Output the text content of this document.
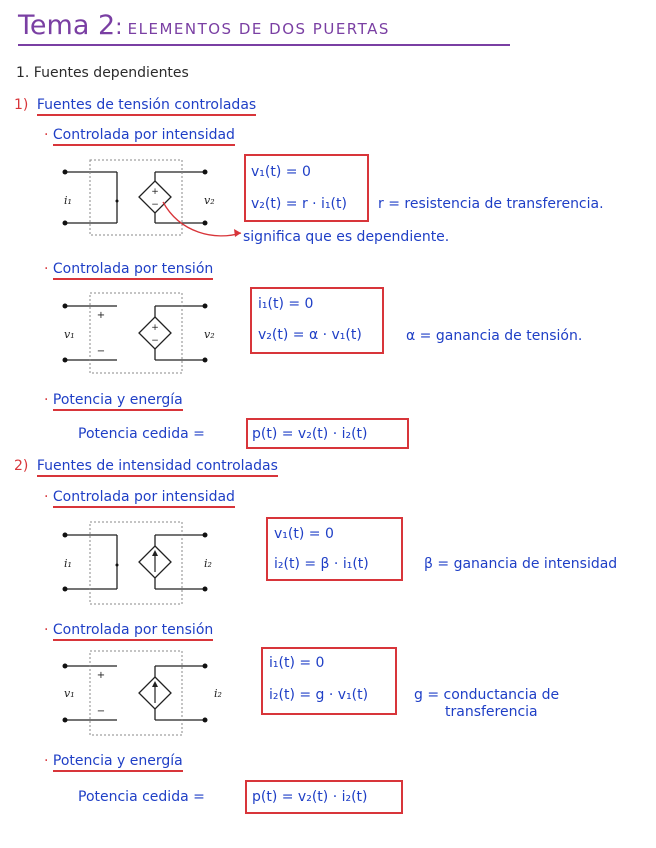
Tema 2: ELEMENTOS DE DOS PUERTAS
1. Fuentes dependientes
1) Fuentes de tensión controladas
· Controlada por intensidad
+
−
i₁	v₂
v₁(t) = 0
v₂(t) = r · i₁(t) r = resistencia de transferencia.
significa que es dependiente.
· Controlada por tensión
+
−
+
−
v₁	v₂
i₁(t) = 0
v₂(t) = α · v₁(t)	α = ganancia de tensión.
· Potencia y energía
Potencia cedida =	p(t) = v₂(t) · i₂(t)
2) Fuentes de intensidad controladas
· Controlada por intensidad
i₁	i₂
v₁(t) = 0
i₂(t) = β · i₁(t)	β = ganancia de intensidad
· Controlada por tensión
+
−
v₁	i₂
i₁(t) = 0
i₂(t) = g · v₁(t)	g = conductancia de
transferencia
· Potencia y energía
Potencia cedida =	p(t) = v₂(t) · i₂(t)
